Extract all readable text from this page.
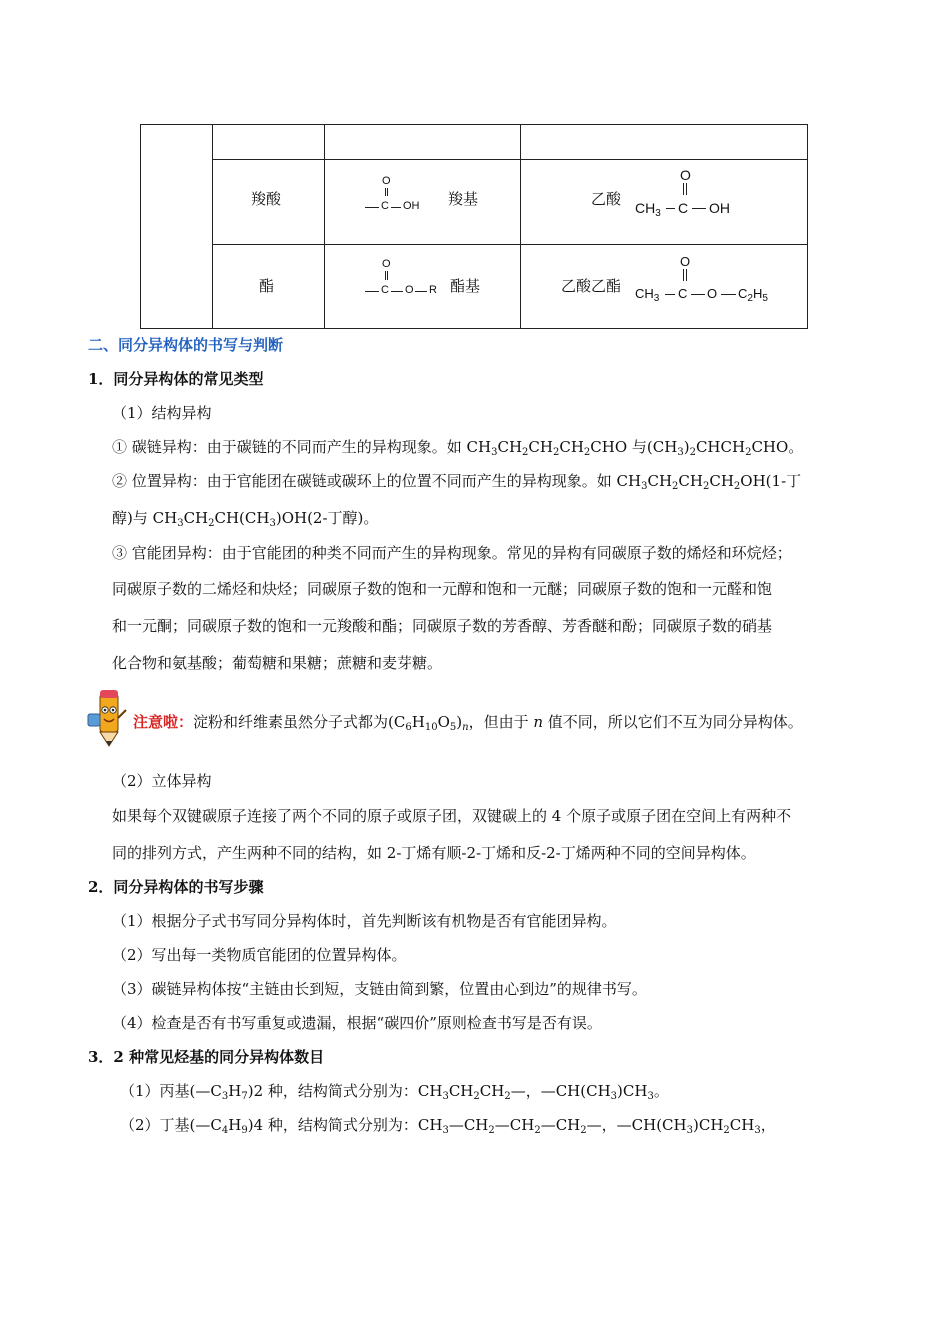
羧酸
O
C OH 羧基	乙酸
O
$CH_3$ C OH
酯
O
C O R 酯基	乙酸乙酯
O
$CH_3$ C O $C_2H_5$
二、同分异构体的书写与判断
1．同分异构体的常见类型
（1）结构异构
① 碳链异构：由于碳链的不同而产生的异构现象。如 $CH_3CH_2CH_2CH_2CHO$ 与$(CH_3)_2CHCH_2CHO$。
② 位置异构：由于官能团在碳链或碳环上的位置不同而产生的异构现象。如 $CH_3CH_2CH_2CH_2OH(1-$丁
醇)与 $CH_3CH_2CH(CH_3)OH(2-$丁醇)。
③ 官能团异构：由于官能团的种类不同而产生的异构现象。常见的异构有同碳原子数的烯烃和环烷烃；
同碳原子数的二烯烃和炔烃；同碳原子数的饱和一元醇和饱和一元醚；同碳原子数的饱和一元醛和饱
和一元酮；同碳原子数的饱和一元羧酸和酯；同碳原子数的芳香醇、芳香醚和酚；同碳原子数的硝基
化合物和氨基酸；葡萄糖和果糖；蔗糖和麦芽糖。
注意啦：淀粉和纤维素虽然分子式都为$(C_6H_{10}O_5)_n$，但由于 n 值不同，所以它们不互为同分异构体。
（2）立体异构
如果每个双键碳原子连接了两个不同的原子或原子团，双键碳上的 4 个原子或原子团在空间上有两种不
同的排列方式，产生两种不同的结构，如 2-丁烯有顺-2-丁烯和反-2-丁烯两种不同的空间异构体。
2．同分异构体的书写步骤
（1）根据分子式书写同分异构体时，首先判断该有机物是否有官能团异构。
（2）写出每一类物质官能团的位置异构体。
（3）碳链异构体按“主链由长到短，支链由简到繁，位置由心到边”的规律书写。
（4）检查是否有书写重复或遗漏，根据“碳四价”原则检查书写是否有误。
3．2 种常见烃基的同分异构体数目
（1）丙基$(—C_3H_7)2$ 种，结构简式分别为：$CH_3CH_2CH_2—$，$—CH(CH_3)CH_3$。
（2）丁基$(—C_4H_9)4$ 种，结构简式分别为：$CH_3—CH_2—CH_2—CH_2—$，$—CH(CH_3)CH_2CH_3$，
